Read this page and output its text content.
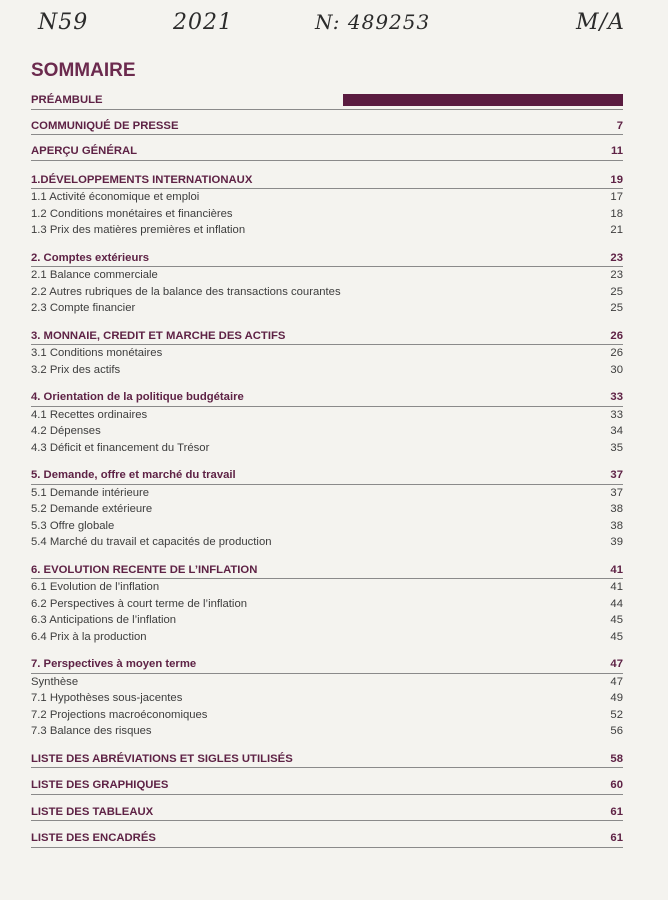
N59	2021	N: 489253	M/A
SOMMAIRE
PRÉAMBULE
COMMUNIQUÉ DE PRESSE	7
APERÇU GÉNÉRAL	11
1.DÉVELOPPEMENTS INTERNATIONAUX	19
1.1 Activité économique et emploi	17
1.2 Conditions monétaires et financières	18
1.3 Prix des matières premières et inflation	21
2. Comptes extérieurs	23
2.1 Balance commerciale	23
2.2 Autres rubriques de la balance des transactions courantes	25
2.3 Compte financier	25
3. MONNAIE, CREDIT ET MARCHE DES ACTIFS	26
3.1 Conditions monétaires	26
3.2 Prix des actifs	30
4. Orientation de la politique budgétaire	33
4.1 Recettes ordinaires	33
4.2 Dépenses	34
4.3 Déficit et financement du Trésor	35
5. Demande, offre et marché du travail	37
5.1 Demande intérieure	37
5.2 Demande extérieure	38
5.3 Offre globale	38
5.4 Marché du travail et capacités de production	39
6. EVOLUTION RECENTE DE L’INFLATION	41
6.1 Evolution de l’inflation	41
6.2 Perspectives à court terme de l’inflation	44
6.3 Anticipations de l’inflation	45
6.4 Prix à la production	45
7. Perspectives à moyen terme	47
Synthèse	47
7.1 Hypothèses sous-jacentes	49
7.2 Projections macroéconomiques	52
7.3 Balance des risques	56
LISTE DES ABRÉVIATIONS ET SIGLES UTILISÉS	58
LISTE DES GRAPHIQUES	60
LISTE DES TABLEAUX	61
LISTE DES ENCADRÉS	61
